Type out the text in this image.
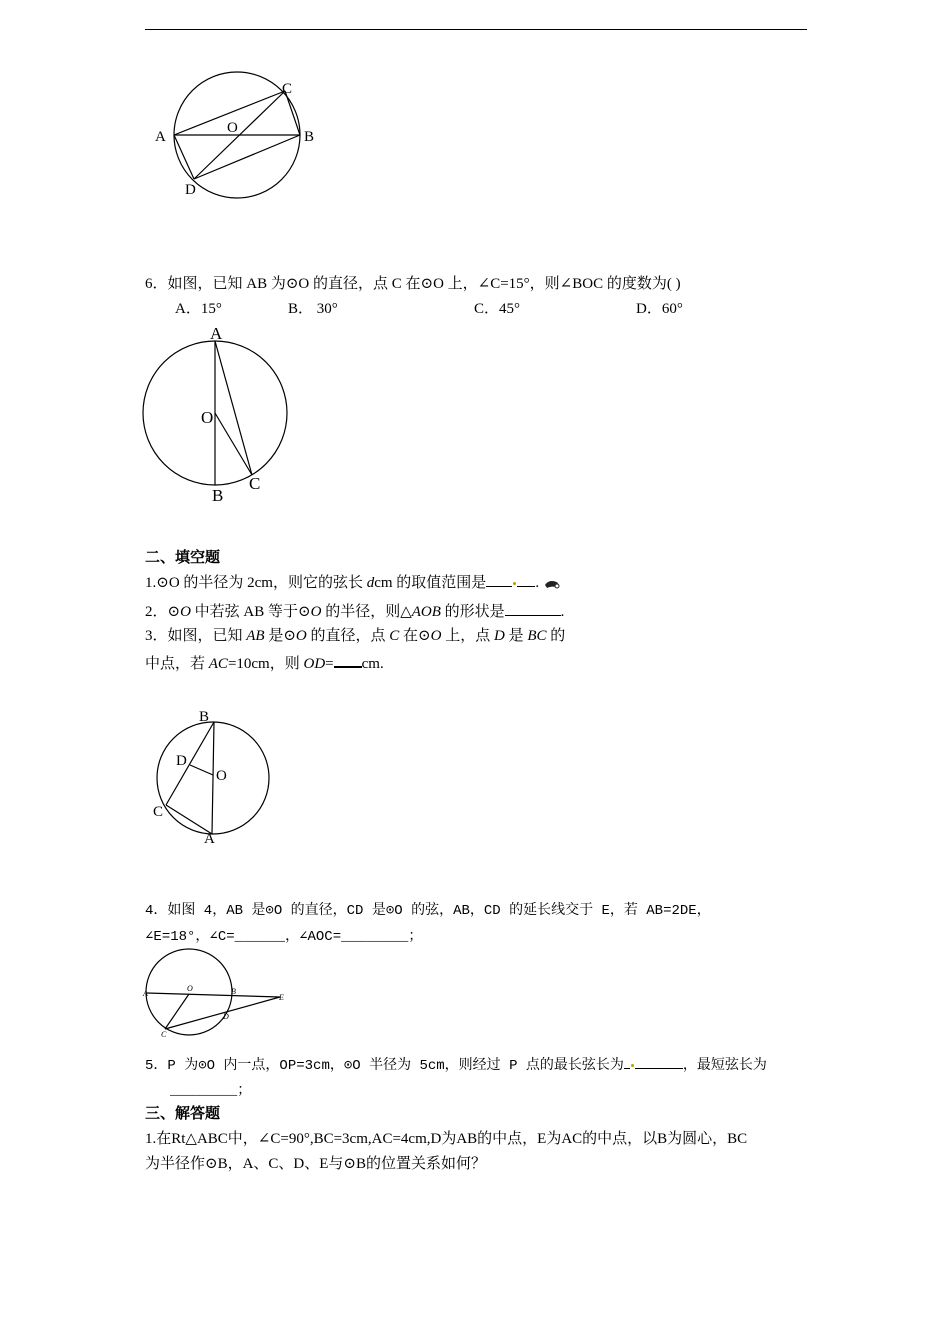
A	B
C
D
O
6．如图，已知 AB 为⊙O 的直径，点 C 在⊙O 上，∠C=15°，则∠BOC 的度数为( )
A．15°	B． 30°	C．45°	D．60°
A
O
B
C
二、填空题
1.⊙O 的半径为 2cm，则它的弦长 dcm 的取值范围是	.
2．⊙O 中若弦 AB 等于⊙O 的半径，则△AOB 的形状是	.
3．如图，已知 AB 是⊙O 的直径，点 C 在⊙O 上，点 D 是 BC 的
中点，若 AC=10cm，则 OD= cm.
B
D
O
C
A
4．如图 4，AB 是⊙O 的直径，CD 是⊙O 的弦，AB，CD 的延长线交于 E，若 AB=2DE，
∠E=18°，∠C=______，∠AOC=________；
A
O	B
E
D
C
5．P 为⊙O 内一点，OP=3cm，⊙O 半径为 5cm，则经过 P 点的最长弦长为	，最短弦长为
________；
三、解答题
1.在Rt△ABC中，∠C=90°,BC=3cm,AC=4cm,D为AB的中点，E为AC的中点，以B为圆心，BC
为半径作⊙B，A、C、D、E与⊙B的位置关系如何？
